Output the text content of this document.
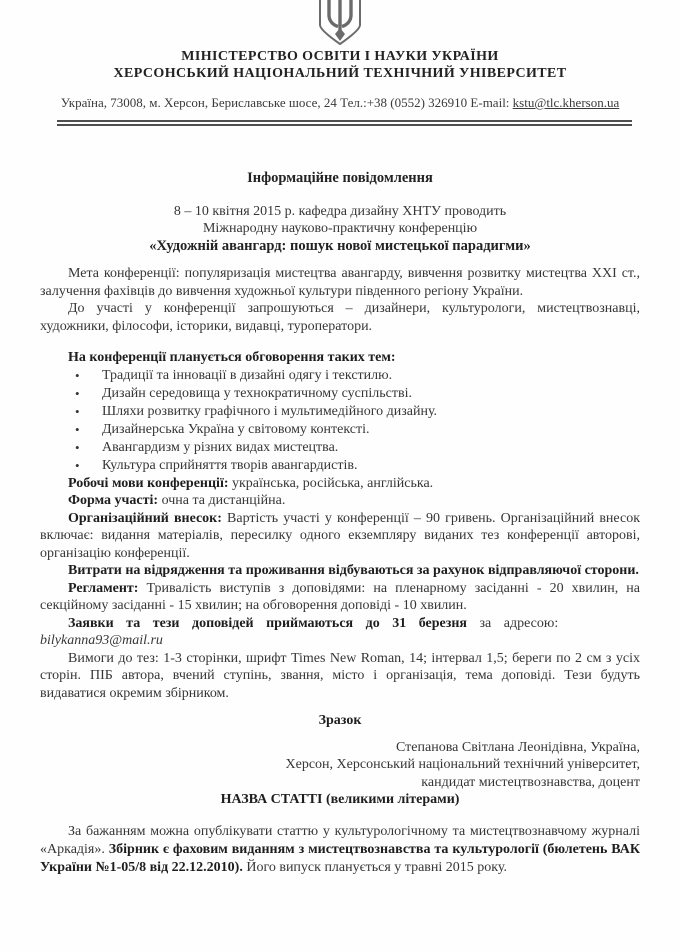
МІНІСТЕРСТВО ОСВІТИ І НАУКИ УКРАЇНИ
ХЕРСОНСЬКИЙ НАЦІОНАЛЬНИЙ ТЕХНІЧНИЙ УНІВЕРСИТЕТ
Україна, 73008, м. Херсон, Бериславське шосе, 24 Тел.:+38 (0552) 326910 E-mail: kstu@tlc.kherson.ua
Інформаційне повідомлення
8 – 10 квітня 2015 р. кафедра дизайну ХНТУ проводить
Міжнародну науково-практичну конференцію
«Художній авангард: пошук нової мистецької парадигми»

Мета конференції: популяризація мистецтва авангарду, вивчення розвитку мистецтва ХХІ ст., залучення фахівців до вивчення художньої культури південного регіону України.

До участі у конференції запрошуються – дизайнери, культурологи, мистецтвознавці, художники, філософи, історики, видавці, туроператори.

На конференції планується обговорення таких тем:

•	Традиції та інновації в дизайні одягу і текстилю.
•	Дизайн середовища у технократичному суспільстві.
•	Шляхи розвитку графічного і мультимедійного дизайну.
•	Дизайнерська Україна у світовому контексті.
•	Авангардизм у різних видах мистецтва.
•	Культура сприйняття творів авангардистів.

Робочі мови конференції: українська, російська, англійська.

Форма участі: очна та дистанційна.

Організаційний внесок: Вартість участі у конференції – 90 гривень. Організаційний внесок включає: видання матеріалів, пересилку одного екземпляру виданих тез конференції авторові, організацію конференції.

Витрати на відрядження та проживання відбуваються за рахунок відправляючої сторони.

Регламент: Тривалість виступів з доповідями: на пленарному засіданні - 20 хвилин, на секційному засіданні - 15 хвилин; на обговорення доповіді - 10 хвилин.

Заявки та тези доповідей приймаються до 31 березня за адресою:

bilykanna93@mail.ru

Вимоги до тез: 1-3 сторінки, шрифт Times New Roman, 14; інтервал 1,5; береги по 2 см з усіх сторін. ПІБ автора, вчений ступінь, звання, місто і організація, тема доповіді. Тези будуть видаватися окремим збірником.

Зразок
Степанова Світлана Леонідівна, Україна,
Херсон, Херсонський національний технічний університет,
кандидат мистецтвознавства, доцент
НАЗВА СТАТТІ (великими літерами)

За бажанням можна опублікувати статтю у культурологічному та мистецтвознавчому журналі «Аркадія». Збірник є фаховим виданням з мистецтвознавства та культурології (бюлетень ВАК України №1-05/8 від 22.12.2010). Його випуск планується у травні 2015 року.
